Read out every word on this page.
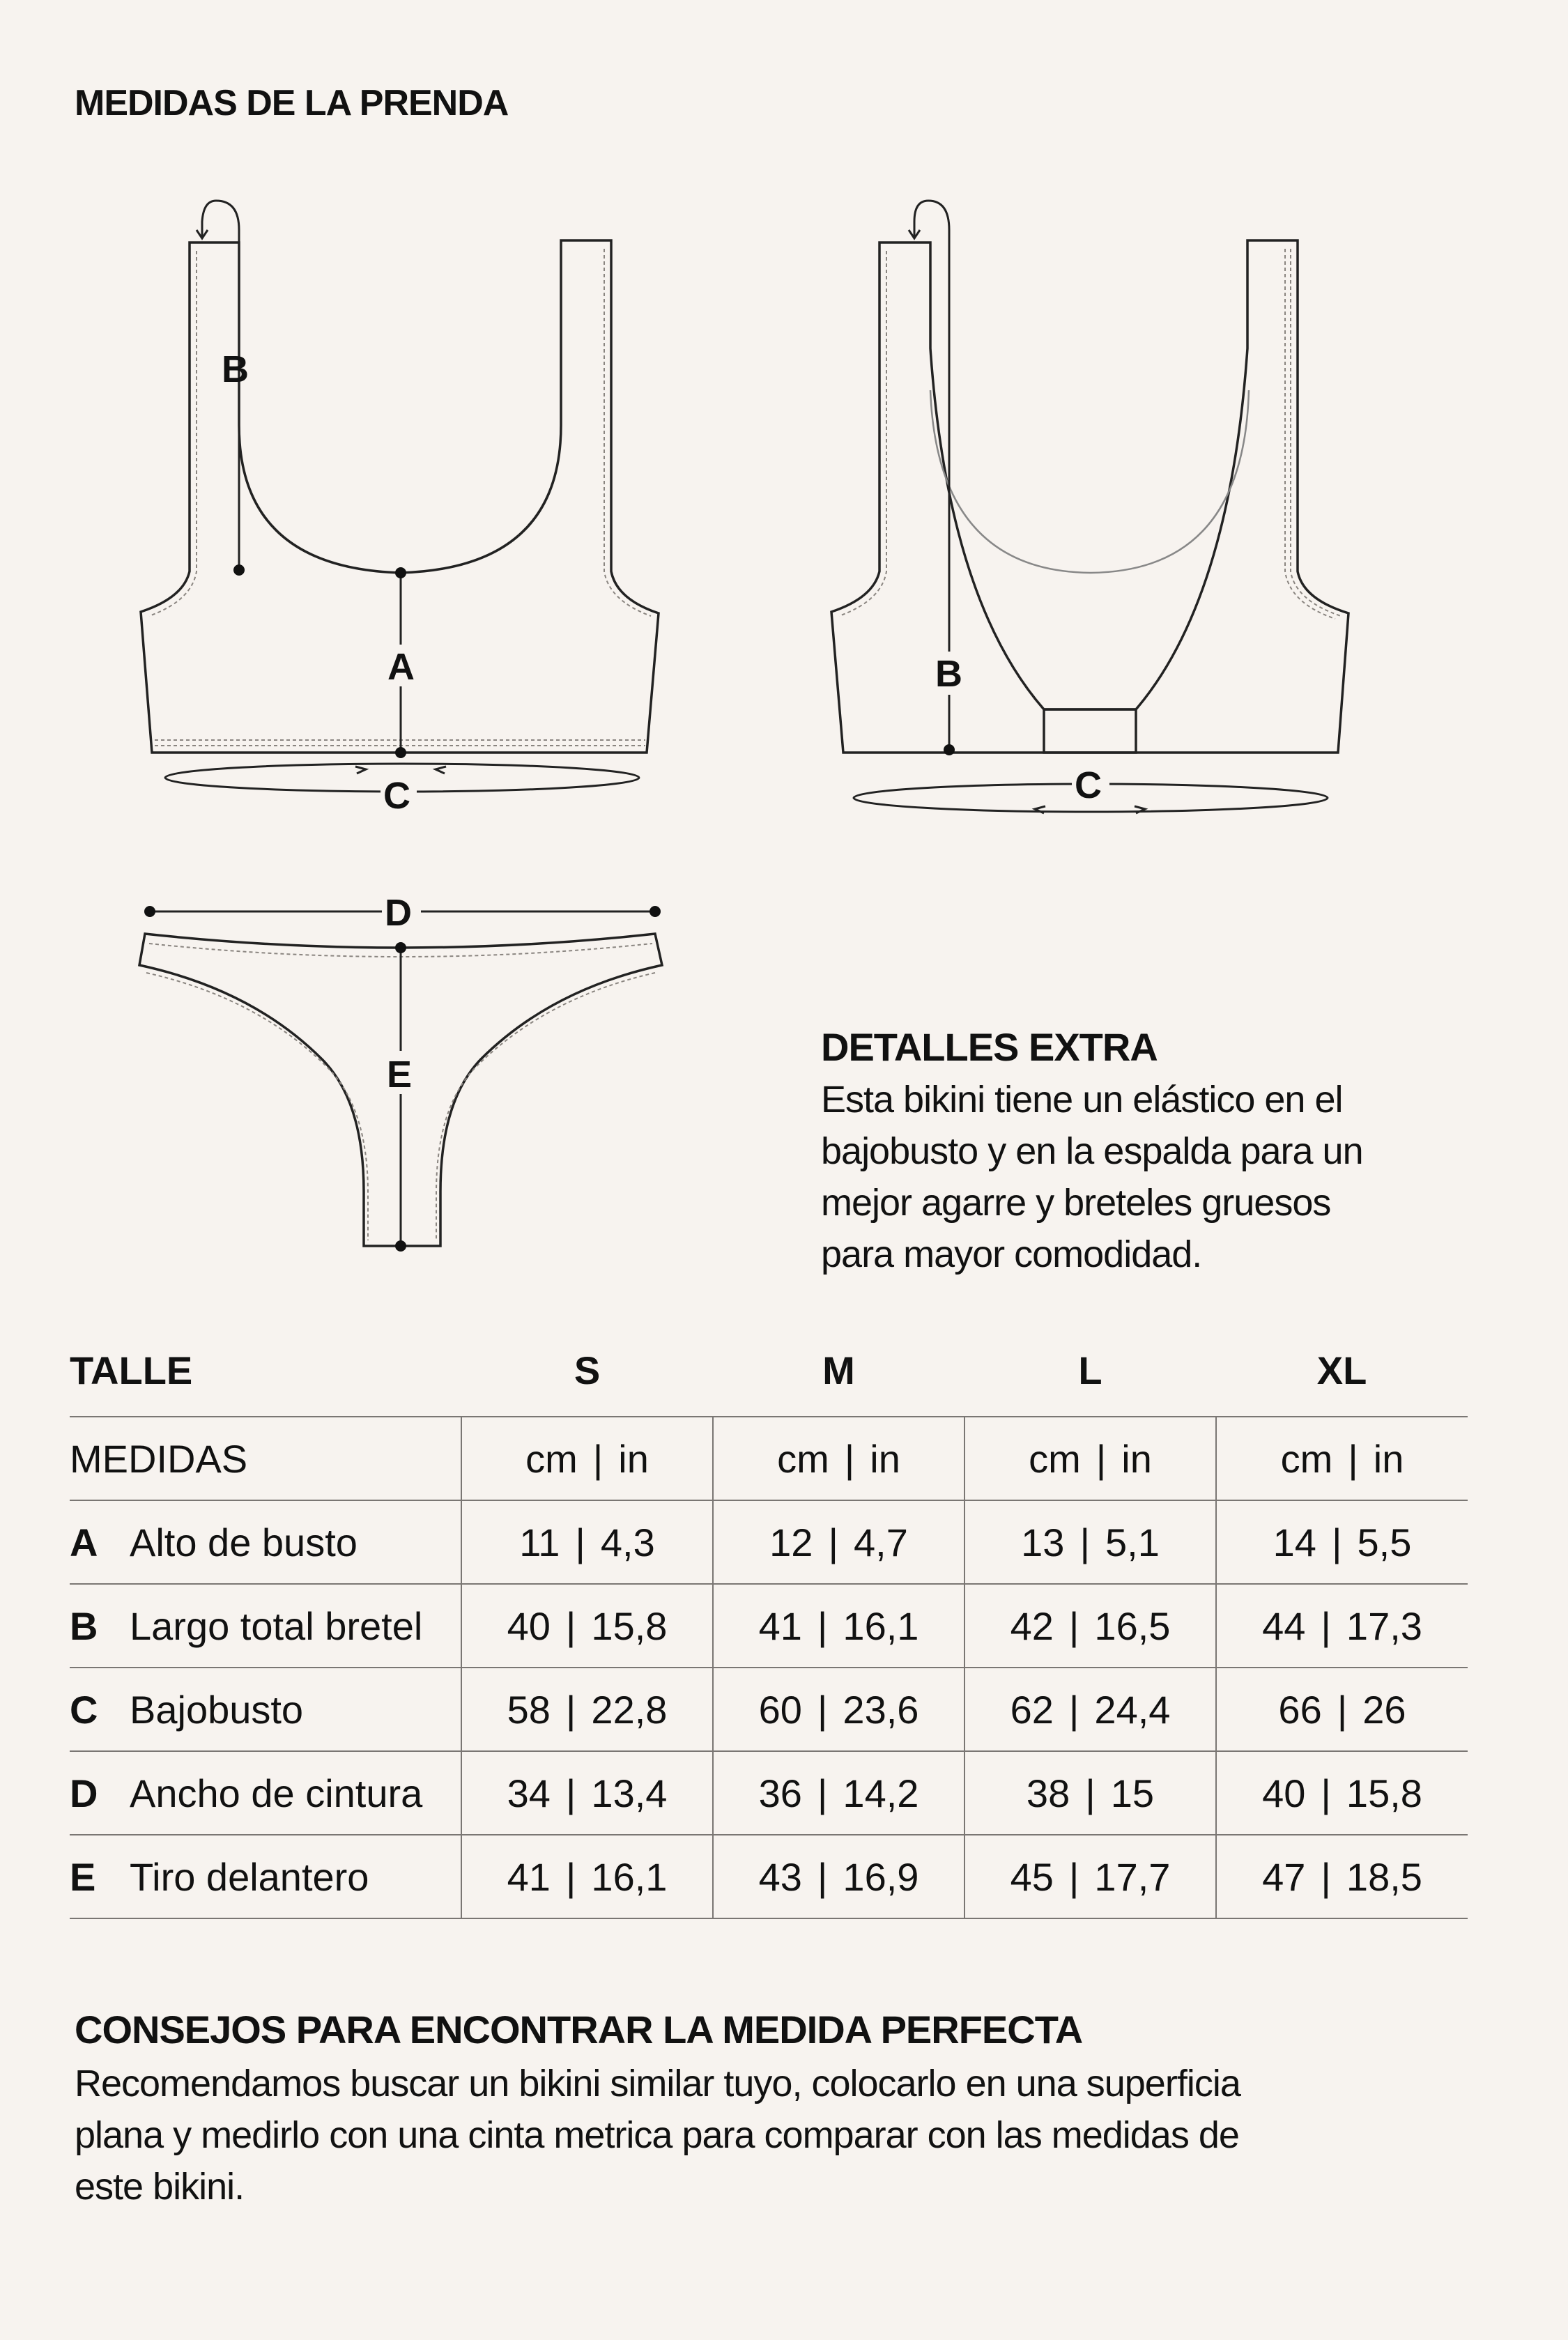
MEDIDAS DE LA PRENDA
B
A
C
B
C
D
E
DETALLES EXTRA
Esta bikini tiene un elástico en el
bajobusto y en la espalda para un
mejor agarre y breteles gruesos
para mayor comodidad.
TALLE	S	M	L	XL
MEDIDAS	cm | in	cm | in	cm | in	cm | in
A Alto de busto	11 | 4,3	12 | 4,7	13 | 5,1	14 | 5,5
B Largo total bretel	40 | 15,8	41 | 16,1	42 | 16,5	44 | 17,3
C Bajobusto	58 | 22,8	60 | 23,6	62 | 24,4	66 | 26
D Ancho de cintura	34 | 13,4	36 | 14,2	38 | 15	40 | 15,8
E Tiro delantero	41 | 16,1	43 | 16,9	45 | 17,7	47 | 18,5
CONSEJOS PARA ENCONTRAR LA MEDIDA PERFECTA
Recomendamos buscar un bikini similar tuyo, colocarlo en una superficia
plana y medirlo con una cinta metrica para comparar con las medidas de
este bikini.
